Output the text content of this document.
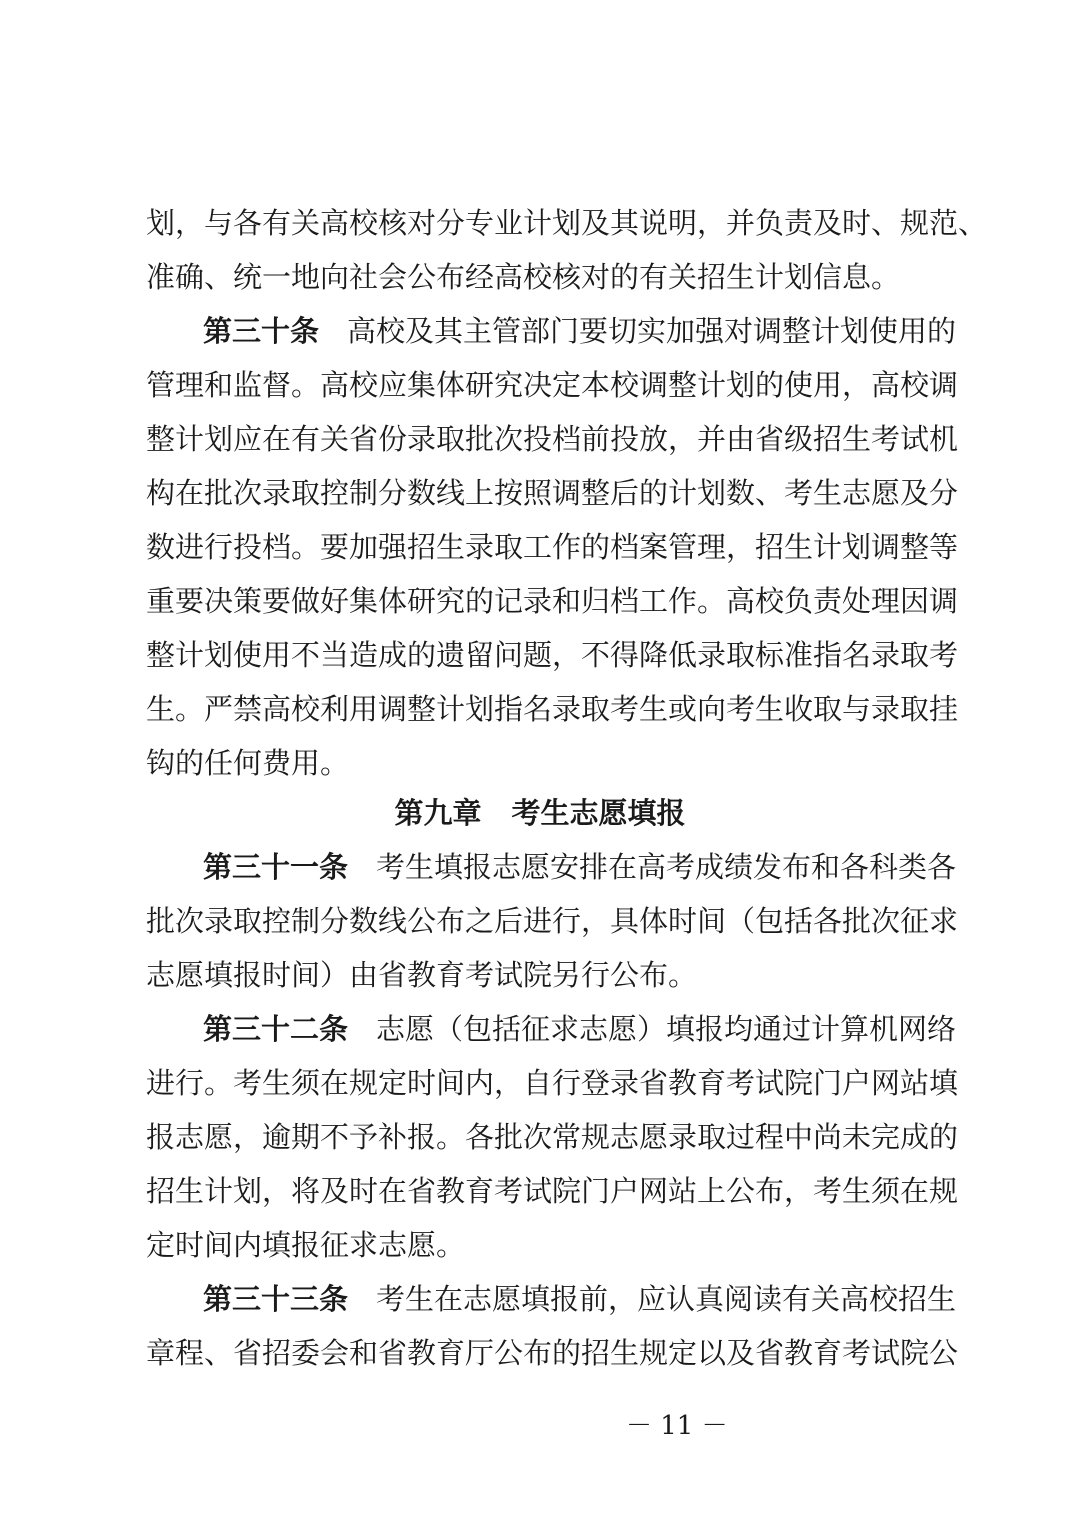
划，与各有关高校核对分专业计划及其说明，并负责及时、规范、
准确、统一地向社会公布经高校核对的有关招生计划信息。
第三十条 高校及其主管部门要切实加强对调整计划使用的
管理和监督。高校应集体研究决定本校调整计划的使用，高校调
整计划应在有关省份录取批次投档前投放，并由省级招生考试机
构在批次录取控制分数线上按照调整后的计划数、考生志愿及分
数进行投档。要加强招生录取工作的档案管理，招生计划调整等
重要决策要做好集体研究的记录和归档工作。高校负责处理因调
整计划使用不当造成的遗留问题，不得降低录取标准指名录取考
生。严禁高校利用调整计划指名录取考生或向考生收取与录取挂
钩的任何费用。
第九章 考生志愿填报
第三十一条 考生填报志愿安排在高考成绩发布和各科类各
批次录取控制分数线公布之后进行，具体时间（包括各批次征求
志愿填报时间）由省教育考试院另行公布。
第三十二条 志愿（包括征求志愿）填报均通过计算机网络
进行。考生须在规定时间内，自行登录省教育考试院门户网站填
报志愿，逾期不予补报。各批次常规志愿录取过程中尚未完成的
招生计划，将及时在省教育考试院门户网站上公布，考生须在规
定时间内填报征求志愿。
第三十三条 考生在志愿填报前，应认真阅读有关高校招生
章程、省招委会和省教育厅公布的招生规定以及省教育考试院公
－ 11 －
